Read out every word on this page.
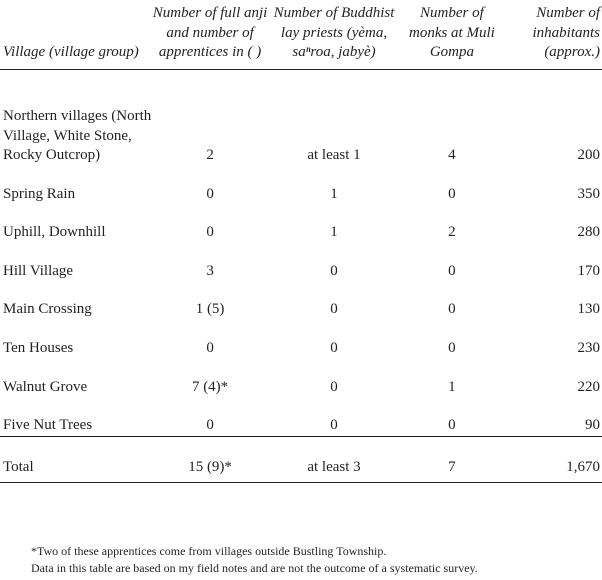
Village (village group)	Number of full anji and number of apprentices in ( )	Number of Buddhist lay priests (yèma, saⁿroa, jabyè)	Number of monks at Muli Gompa	Number of inhabitants (approx.)
Northern villages (North Village, White Stone, Rocky Outcrop)	2	at least 1	4	200
Spring Rain	0	1	0	350
Uphill, Downhill	0	1	2	280
Hill Village	3	0	0	170
Main Crossing	1 (5)	0	0	130
Ten Houses	0	0	0	230
Walnut Grove	7 (4)*	0	1	220
Five Nut Trees	0	0	0	90
Total	15 (9)*	at least 3	7	1,670

*Two of these apprentices come from villages outside Bustling Township.

Data in this table are based on my field notes and are not the outcome of a systematic survey.
